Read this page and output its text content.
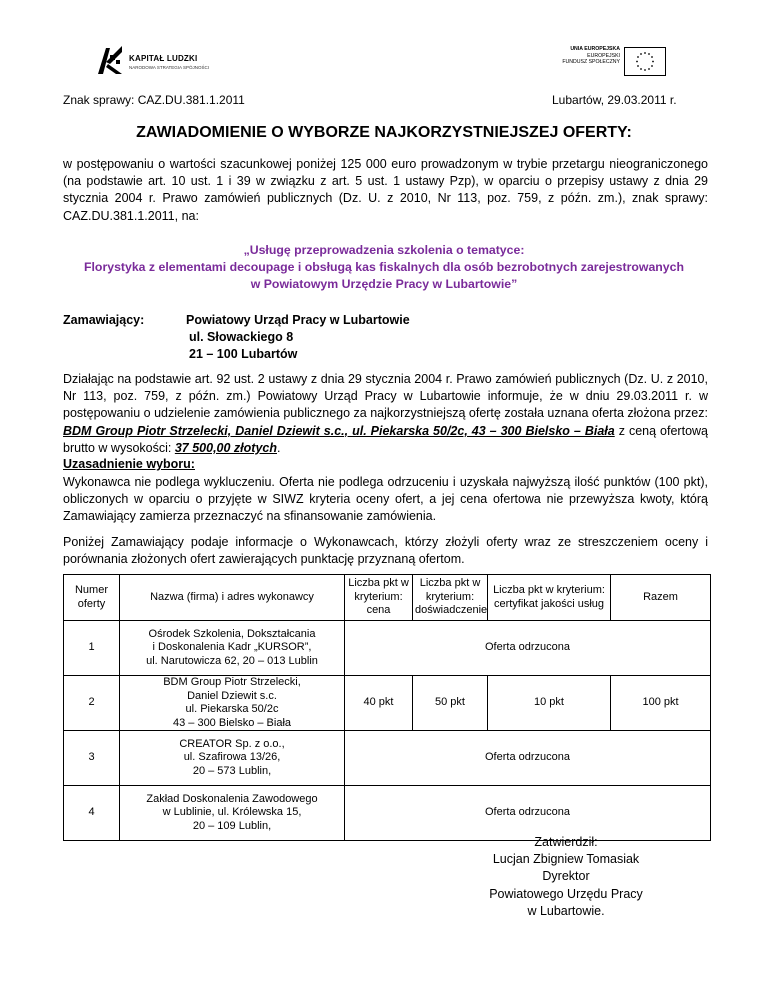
KAPITAŁ LUDZKI
NARODOWA STRATEGIA SPÓJNOŚCI
UNIA EUROPEJSKA
EUROPEJSKI
FUNDUSZ SPOŁECZNY
Znak sprawy: CAZ.DU.381.1.2011	Lubartów, 29.03.2011 r.
ZAWIADOMIENIE O WYBORZE NAJKORZYSTNIEJSZEJ OFERTY:
w postępowaniu o wartości szacunkowej poniżej 125 000 euro prowadzonym w trybie przetargu nieograniczonego (na podstawie art. 10 ust. 1 i 39 w związku z art. 5 ust. 1 ustawy Pzp), w oparciu o przepisy ustawy z dnia 29 stycznia 2004 r. Prawo zamówień publicznych (Dz. U. z 2010, Nr 113, poz. 759, z późn. zm.), znak sprawy: CAZ.DU.381.1.2011, na:
„Usługę przeprowadzenia szkolenia o tematyce:
Florystyka z elementami decoupage i obsługą kas fiskalnych dla osób bezrobotnych zarejestrowanych
w Powiatowym Urzędzie Pracy w Lubartowie”
Zamawiający:	Powiatowy Urząd Pracy w Lubartowie
ul. Słowackiego 8
21 – 100 Lubartów
Działając na podstawie art. 92 ust. 2 ustawy z dnia 29 stycznia 2004 r. Prawo zamówień publicznych (Dz. U. z 2010, Nr 113, poz. 759, z późn. zm.) Powiatowy Urząd Pracy w Lubartowie informuje, że w dniu 29.03.2011 r. w postępowaniu o udzielenie zamówienia publicznego za najkorzystniejszą ofertę została uznana oferta złożona przez: BDM Group Piotr Strzelecki, Daniel Dziewit s.c., ul. Piekarska 50/2c, 43 – 300 Bielsko – Biała z ceną ofertową brutto w wysokości: 37 500,00 złotych.
Uzasadnienie wyboru:
Wykonawca nie podlega wykluczeniu. Oferta nie podlega odrzuceniu i uzyskała najwyższą ilość punktów (100 pkt), obliczonych w oparciu o przyjęte w SIWZ kryteria oceny ofert, a jej cena ofertowa nie przewyższa kwoty, którą Zamawiający zamierza przeznaczyć na sfinansowanie zamówienia.
Poniżej Zamawiający podaje informacje o Wykonawcach, którzy złożyli oferty wraz ze streszczeniem oceny i porównania złożonych ofert zawierających punktację przyznaną ofertom.
Numer oferty	Nazwa (firma) i adres wykonawcy	Liczba pkt w kryterium: cena	Liczba pkt w kryterium: doświadczenie	Liczba pkt w kryterium: certyfikat jakości usług	Razem
1	Ośrodek Szkolenia, Dokształcania
i Doskonalenia Kadr „KURSOR”,
ul. Narutowicza 62, 20 – 013 Lublin	Oferta odrzucona			
2	BDM Group Piotr Strzelecki,
Daniel Dziewit s.c.
ul. Piekarska 50/2c
43 – 300 Bielsko – Biała	40 pkt	50 pkt	10 pkt	100 pkt
3	CREATOR Sp. z o.o.,
ul. Szafirowa 13/26,
20 – 573 Lublin,	Oferta odrzucona			
4	Zakład Doskonalenia Zawodowego
w Lublinie, ul. Królewska 15,
20 – 109 Lublin,	Oferta odrzucona			
Zatwierdził:
Lucjan Zbigniew Tomasiak
Dyrektor
Powiatowego Urzędu Pracy
w Lubartowie.
